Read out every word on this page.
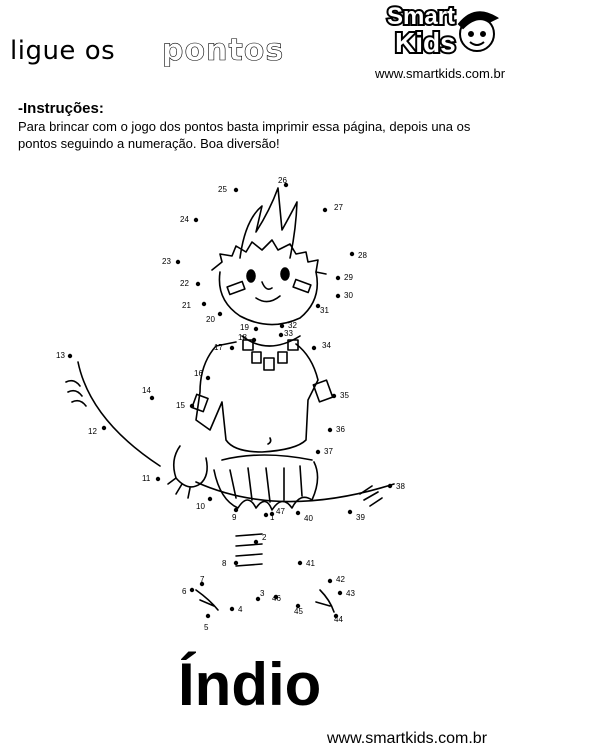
ligue os pontos
Smart
Kids
www.smartkids.com.br
-Instruções:
Para brincar com o jogo dos pontos basta imprimir essa página, depois una os
pontos seguindo a numeração. Boa diversão!
2
3
4
5
6
7
8
9
10
11
12
13
14
15
16
17
18
19
20
21
22
23
24
25
26
27
28
29
30
31
32
33
34
35
36
37
38
39
40
41
42
43
44
45
46
47
1
Índio
www.smartkids.com.br
